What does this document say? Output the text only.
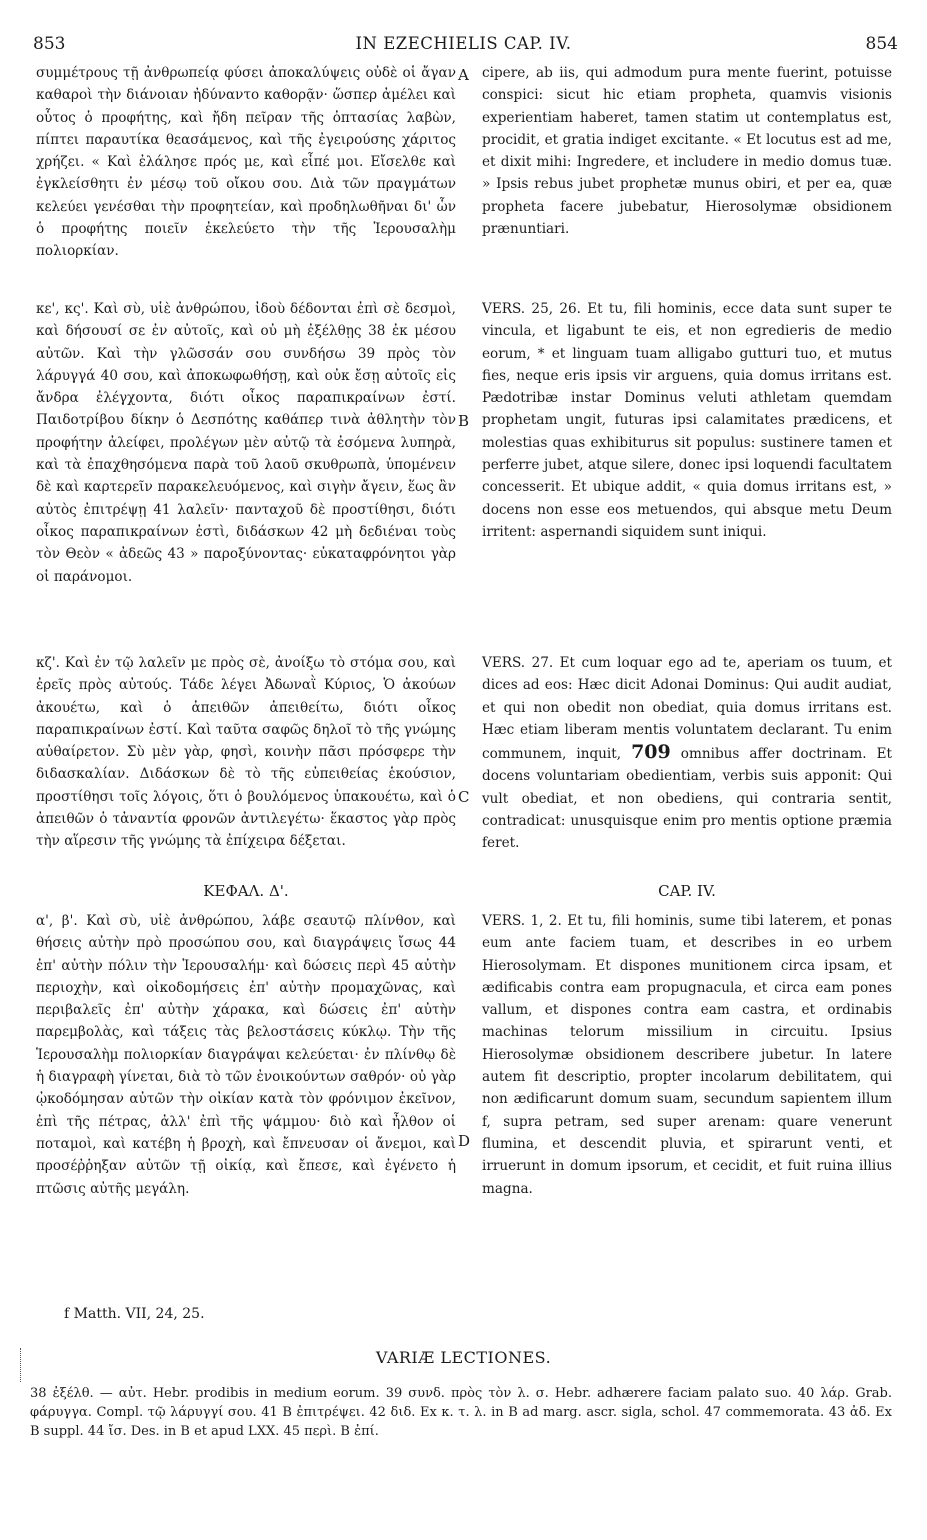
853	IN EZECHIELIS CAP. IV.	854

συμμέτρους τῇ ἀνθρωπείᾳ φύσει ἀποκαλύψεις οὐδὲ οἱ ἄγαν καθαροὶ τὴν διάνοιαν ἠδύναντο καθορᾷν· ὥσπερ ἀμέλει καὶ οὗτος ὁ προφήτης, καὶ ἤδη πεῖραν τῆς ὀπτασίας λαβὼν, πίπτει παραυτίκα θεασάμενος, καὶ τῆς ἐγειρούσης χάριτος χρήζει. « Καὶ ἐλάλησε πρός με, καὶ εἶπέ μοι. Εἴσελθε καὶ ἐγκλείσθητι ἐν μέσῳ τοῦ οἴκου σου. Διὰ τῶν πραγμάτων κελεύει γενέσθαι τὴν προφητείαν, καὶ προδηλωθῆναι δι' ὧν ὁ προφήτης ποιεῖν ἐκελεύετο τὴν τῆς Ἱερουσαλὴμ πολιορκίαν.

κε', κς'. Καὶ σὺ, υἱὲ ἀνθρώπου, ἰδοὺ δέδονται ἐπὶ σὲ δεσμοὶ, καὶ δήσουσί σε ἐν αὐτοῖς, καὶ οὐ μὴ ἐξέλθῃς 38 ἐκ μέσου αὐτῶν. Καὶ τὴν γλῶσσάν σου συνδήσω 39 πρὸς τὸν λάρυγγά 40 σου, καὶ ἀποκωφωθήσῃ, καὶ οὐκ ἔσῃ αὐτοῖς εἰς ἄνδρα ἐλέγχοντα, διότι οἶκος παραπικραίνων ἐστί. Παιδοτρίβου δίκην ὁ Δεσπότης καθάπερ τινὰ ἀθλητὴν τὸν προφήτην ἀλείφει, προλέγων μὲν αὐτῷ τὰ ἐσόμενα λυπηρὰ, καὶ τὰ ἐπαχθησόμενα παρὰ τοῦ λαοῦ σκυθρωπὰ, ὑπομένειν δὲ καὶ καρτερεῖν παρακελευόμενος, καὶ σιγὴν ἄγειν, ἕως ἂν αὐτὸς ἐπιτρέψῃ 41 λαλεῖν· πανταχοῦ δὲ προστίθησι, διότι οἶκος παραπικραίνων ἐστὶ, διδάσκων 42 μὴ δεδιέναι τοὺς τὸν Θεὸν « ἀδεῶς 43 » παροξύνοντας· εὐκαταφρόνητοι γὰρ οἱ παράνομοι.

κζ'. Καὶ ἐν τῷ λαλεῖν με πρὸς σὲ, ἀνοίξω τὸ στόμα σου, καὶ ἐρεῖς πρὸς αὐτούς. Τάδε λέγει Ἀδωναῒ Κύριος, Ὁ ἀκούων ἀκουέτω, καὶ ὁ ἀπειθῶν ἀπειθείτω, διότι οἶκος παραπικραίνων ἐστί. Καὶ ταῦτα σαφῶς δηλοῖ τὸ τῆς γνώμης αὐθαίρετον. Σὺ μὲν γὰρ, φησὶ, κοινὴν πᾶσι πρόσφερε τὴν διδασκαλίαν. Διδάσκων δὲ τὸ τῆς εὐπειθείας ἑκούσιον, προστίθησι τοῖς λόγοις, ὅτι ὁ βουλόμενος ὑπακουέτω, καὶ ὁ ἀπειθῶν ὁ τἀναντία φρονῶν ἀντιλεγέτω· ἕκαστος γὰρ πρὸς τὴν αἵρεσιν τῆς γνώμης τὰ ἐπίχειρα δέξεται.

ΚΕΦΑΛ. Δ'.

α', β'. Καὶ σὺ, υἱὲ ἀνθρώπου, λάβε σεαυτῷ πλίνθον, καὶ θήσεις αὐτὴν πρὸ προσώπου σου, καὶ διαγράψεις ἴσως 44 ἐπ' αὐτὴν πόλιν τὴν Ἱερουσαλήμ· καὶ δώσεις περὶ 45 αὐτὴν περιοχὴν, καὶ οἰκοδομήσεις ἐπ' αὐτὴν προμαχῶνας, καὶ περιβαλεῖς ἐπ' αὐτὴν χάρακα, καὶ δώσεις ἐπ' αὐτὴν παρεμβολὰς, καὶ τάξεις τὰς βελοστάσεις κύκλῳ. Τὴν τῆς Ἱερουσαλὴμ πολιορκίαν διαγράψαι κελεύεται· ἐν πλίνθῳ δὲ ἡ διαγραφὴ γίνεται, διὰ τὸ τῶν ἐνοικούντων σαθρόν· οὐ γὰρ ᾠκοδόμησαν αὐτῶν τὴν οἰκίαν κατὰ τὸν φρόνιμον ἐκεῖνον, ἐπὶ τῆς πέτρας, ἀλλ' ἐπὶ τῆς ψάμμου· διὸ καὶ ἦλθον οἱ ποταμοὶ, καὶ κατέβη ἡ βροχὴ, καὶ ἔπνευσαν οἱ ἄνεμοι, καὶ προσέῤῥηξαν αὐτῶν τῇ οἰκίᾳ, καὶ ἔπεσε, καὶ ἐγένετο ἡ πτῶσις αὐτῆς μεγάλη.

A
B
C
D

cipere, ab iis, qui admodum pura mente fuerint, potuisse conspici: sicut hic etiam propheta, quamvis visionis experientiam haberet, tamen statim ut contemplatus est, procidit, et gratia indiget excitante. « Et locutus est ad me, et dixit mihi: Ingredere, et includere in medio domus tuæ. » Ipsis rebus jubet prophetæ munus obiri, et per ea, quæ propheta facere jubebatur, Hierosolymæ obsidionem prænuntiari.

VERS. 25, 26. Et tu, fili hominis, ecce data sunt super te vincula, et ligabunt te eis, et non egredieris de medio eorum, * et linguam tuam alligabo gutturi tuo, et mutus fies, neque eris ipsis vir arguens, quia domus irritans est. Pædotribæ instar Dominus veluti athletam quemdam prophetam ungit, futuras ipsi calamitates prædicens, et molestias quas exhibiturus sit populus: sustinere tamen et perferre jubet, atque silere, donec ipsi loquendi facultatem concesserit. Et ubique addit, « quia domus irritans est, » docens non esse eos metuendos, qui absque metu Deum irritent: aspernandi siquidem sunt iniqui.

VERS. 27. Et cum loquar ego ad te, aperiam os tuum, et dices ad eos: Hæc dicit Adonai Dominus: Qui audit audiat, et qui non obedit non obediat, quia domus irritans est. Hæc etiam liberam mentis voluntatem declarant. Tu enim communem, inquit, 709 omnibus affer doctrinam. Et docens voluntariam obedientiam, verbis suis apponit: Qui vult obediat, et non obediens, qui contraria sentit, contradicat: unusquisque enim pro mentis optione præmia feret.

CAP. IV.

VERS. 1, 2. Et tu, fili hominis, sume tibi laterem, et ponas eum ante faciem tuam, et describes in eo urbem Hierosolymam. Et dispones munitionem circa ipsam, et ædificabis contra eam propugnacula, et circa eam pones vallum, et dispones contra eam castra, et ordinabis machinas telorum missilium in circuitu. Ipsius Hierosolymæ obsidionem describere jubetur. In latere autem fit descriptio, propter incolarum debilitatem, qui non ædificarunt domum suam, secundum sapientem illum f, supra petram, sed super arenam: quare venerunt flumina, et descendit pluvia, et spirarunt venti, et irruerunt in domum ipsorum, et cecidit, et fuit ruina illius magna.

f Matth. VII, 24, 25.
VARIÆ LECTIONES.
38 ἐξέλθ. — αὐτ. Hebr. prodibis in medium eorum. 39 συνδ. πρὸς τὸν λ. σ. Hebr. adhærere faciam palato suo. 40 λάρ. Grab. φάρυγγα. Compl. τῷ λάρυγγί σου. 41 B ἐπιτρέψει. 42 διδ. Ex κ. τ. λ. in B ad marg. ascr. sigla, schol. 47 commemorata. 43 ἀδ. Ex B suppl. 44 ἴσ. Des. in B et apud LXX. 45 περὶ. B ἐπί.
